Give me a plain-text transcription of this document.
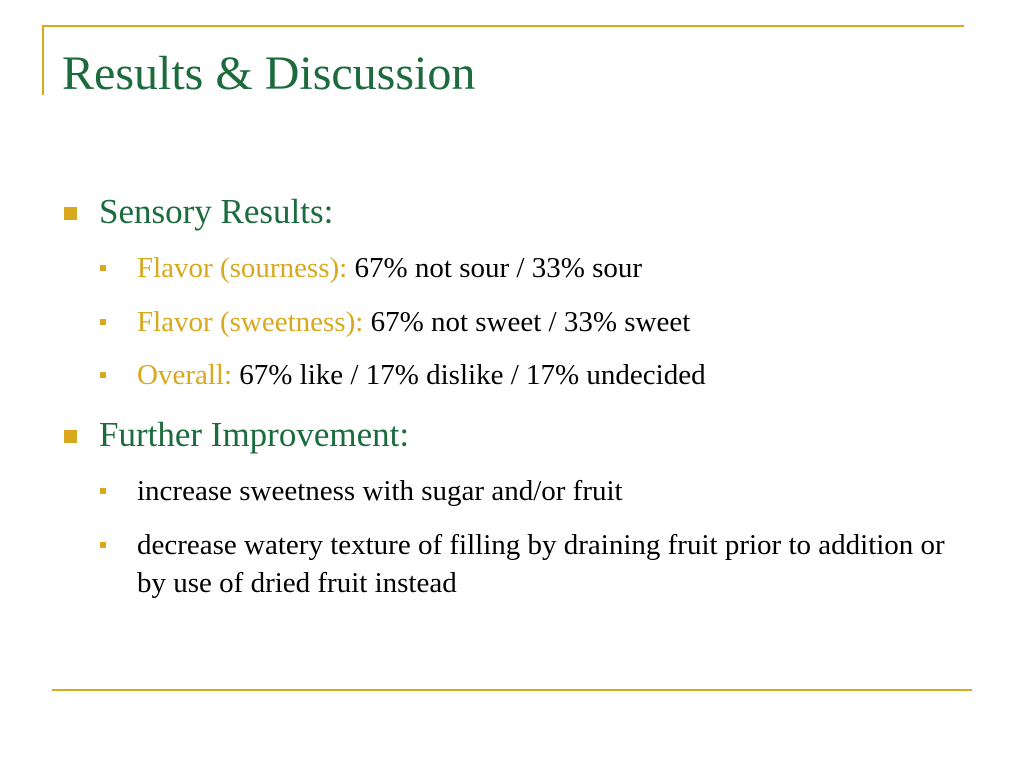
Results & Discussion
Sensory Results:
Flavor (sourness): 67% not sour / 33% sour
Flavor (sweetness): 67% not sweet / 33% sweet
Overall: 67% like / 17% dislike / 17% undecided
Further Improvement:
increase sweetness with sugar and/or fruit
decrease watery texture of filling by draining fruit prior to addition or by use of dried fruit instead
